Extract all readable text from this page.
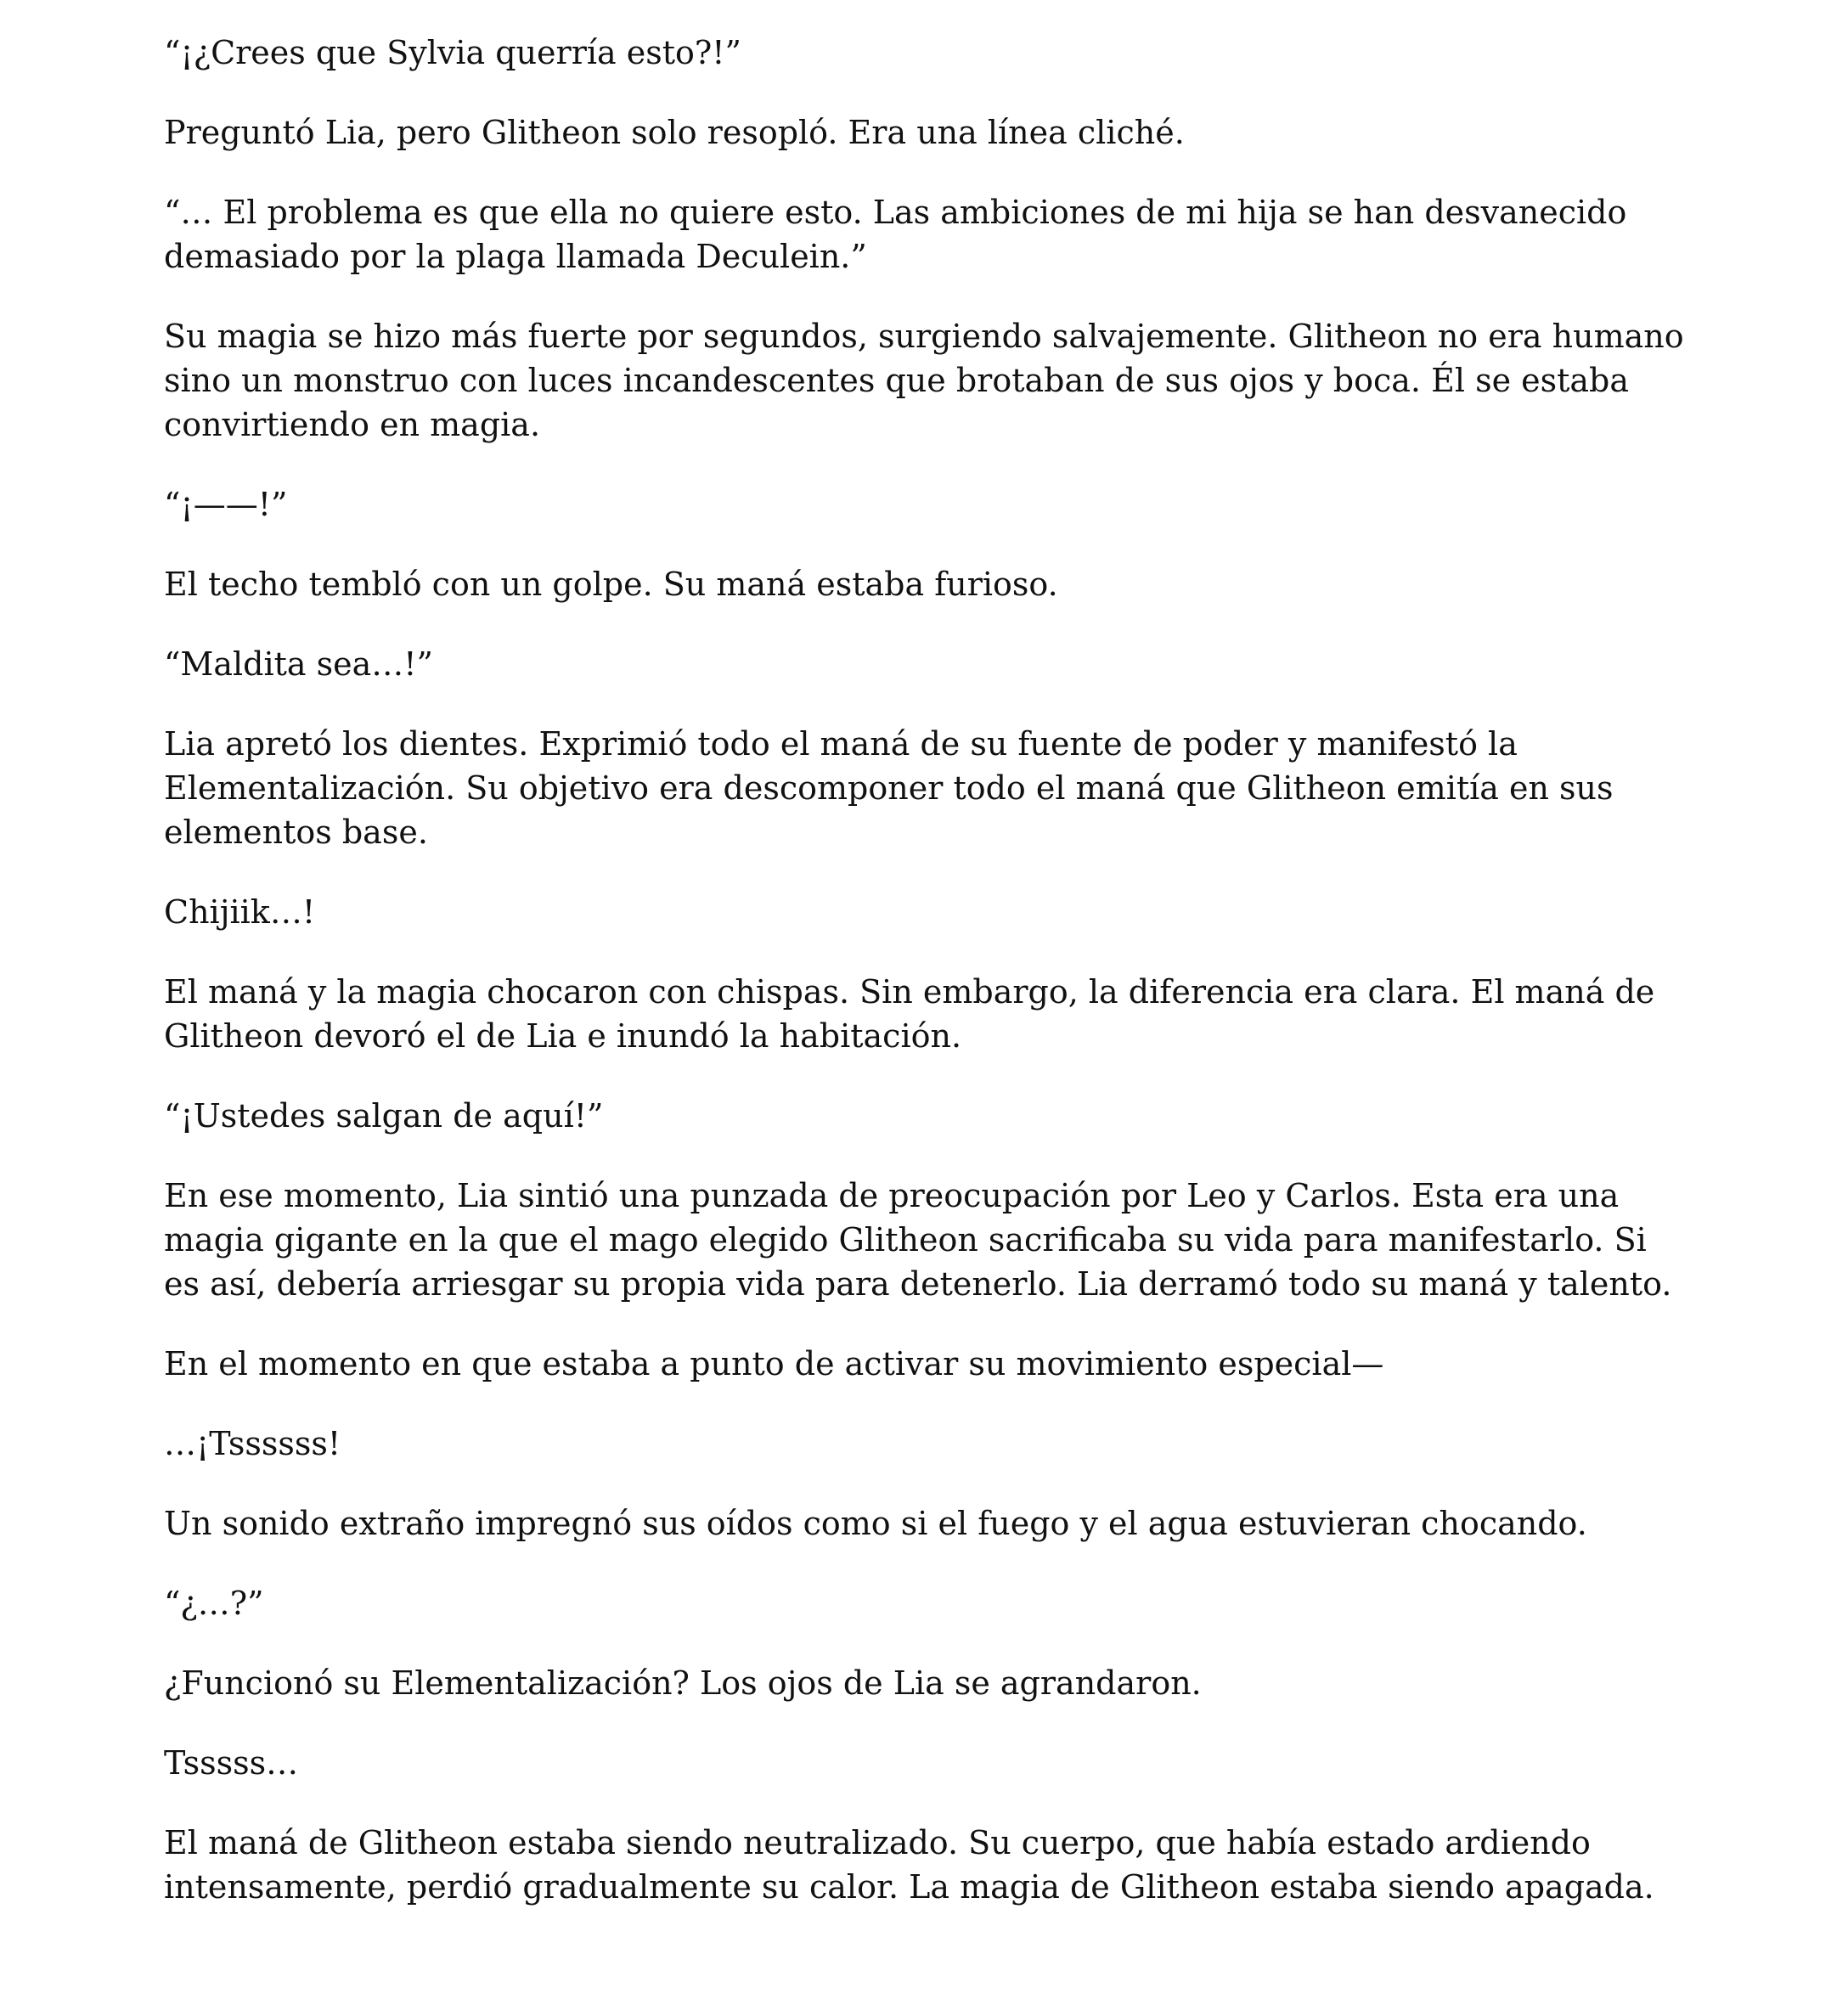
“¡¿Crees que Sylvia querría esto?!”

Preguntó Lia, pero Glitheon solo resopló. Era una línea cliché.

“… El problema es que ella no quiere esto. Las ambiciones de mi hija se han desvanecido demasiado por la plaga llamada Deculein.”

Su magia se hizo más fuerte por segundos, surgiendo salvajemente. Glitheon no era humano sino un monstruo con luces incandescentes que brotaban de sus ojos y boca. Él se estaba convirtiendo en magia.

“¡——!”

El techo tembló con un golpe. Su maná estaba furioso.

“Maldita sea…!”

Lia apretó los dientes. Exprimió todo el maná de su fuente de poder y manifestó la Elementalización. Su objetivo era descomponer todo el maná que Glitheon emitía en sus elementos base.

Chijiik…!

El maná y la magia chocaron con chispas. Sin embargo, la diferencia era clara. El maná de Glitheon devoró el de Lia e inundó la habitación.

“¡Ustedes salgan de aquí!”

En ese momento, Lia sintió una punzada de preocupación por Leo y Carlos. Esta era una magia gigante en la que el mago elegido Glitheon sacrificaba su vida para manifestarlo. Si es así, debería arriesgar su propia vida para detenerlo. Lia derramó todo su maná y talento.

En el momento en que estaba a punto de activar su movimiento especial—

…¡Tssssss!

Un sonido extraño impregnó sus oídos como si el fuego y el agua estuvieran chocando.

“¿…?”

¿Funcionó su Elementalización? Los ojos de Lia se agrandaron.

Tsssss…

El maná de Glitheon estaba siendo neutralizado. Su cuerpo, que había estado ardiendo intensamente, perdió gradualmente su calor. La magia de Glitheon estaba siendo apagada.
